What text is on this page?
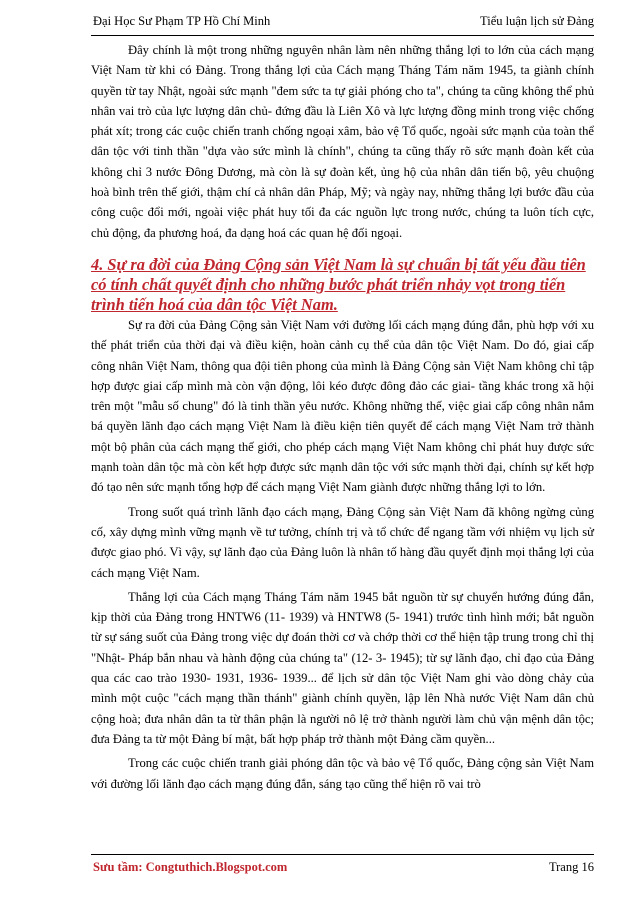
Đại Học Sư Phạm TP Hồ Chí Minh	Tiểu luận lịch sử Đảng

Đây chính là một trong những nguyên nhân làm nên những thắng lợi to lớn của cách mạng Việt Nam từ khi có Đảng. Trong thắng lợi của Cách mạng Tháng Tám năm 1945, ta giành chính quyền từ tay Nhật, ngoài sức mạnh "đem sức ta tự giải phóng cho ta", chúng ta cũng không thể phủ nhân vai trò của lực lượng dân chủ- đứng đầu là Liên Xô và lực lượng đồng minh trong việc chống phát xít; trong các cuộc chiến tranh chống ngoại xâm, bảo vệ Tổ quốc, ngoài sức mạnh của toàn thể dân tộc với tinh thần "dựa vào sức mình là chính", chúng ta cũng thấy rõ sức mạnh đoàn kết của không chỉ 3 nước Đông Dương, mà còn là sự đoàn kết, ủng hộ của nhân dân tiến bộ, yêu chuộng hoà bình trên thế giới, thậm chí cả nhân dân Pháp, Mỹ; và ngày nay, những thắng lợi bước đầu của công cuộc đổi mới, ngoài việc phát huy tối đa các nguồn lực trong nước, chúng ta luôn tích cực, chủ động, đa phương hoá, đa dạng hoá các quan hệ đối ngoại.

4. Sự ra đời của Đảng Cộng sản Việt Nam là sự chuẩn bị tất yếu đầu tiên có tính chất quyết định cho những bước phát triển nhảy vọt trong tiến trình tiến hoá của dân tộc Việt Nam.

Sự ra đời của Đảng Cộng sản Việt Nam với đường lối cách mạng đúng đắn, phù hợp với xu thế phát triển của thời đại và điều kiện, hoàn cảnh cụ thể của dân tộc Việt Nam. Do đó, giai cấp công nhân Việt Nam, thông qua đội tiên phong của mình là Đảng Cộng sản Việt Nam không chỉ tập hợp được giai cấp mình mà còn vận động, lôi kéo được đông đảo các giai- tầng khác trong xã hội trên một "mẫu số chung" đó là tinh thần yêu nước. Không những thế, việc giai cấp công nhân nắm bá quyền lãnh đạo cách mạng Việt Nam là điều kiện tiên quyết để cách mạng Việt Nam trở thành một bộ phân của cách mạng thế giới, cho phép cách mạng Việt Nam không chỉ phát huy được sức mạnh toàn dân tộc mà còn kết hợp được sức mạnh dân tộc với sức mạnh thời đại, chính sự kết hợp đó tạo nên sức mạnh tổng hợp để cách mạng Việt Nam giành được những thắng lợi to lớn.

Trong suốt quá trình lãnh đạo cách mạng, Đảng Cộng sản Việt Nam đã không ngừng củng cố, xây dựng mình vững mạnh về tư tưởng, chính trị và tổ chức để ngang tầm với nhiệm vụ lịch sử được giao phó. Vì vậy, sự lãnh đạo của Đảng luôn là nhân tố hàng đầu quyết định mọi thắng lợi của cách mạng Việt Nam.

Thắng lợi của Cách mạng Tháng Tám năm 1945 bắt nguồn từ sự chuyển hướng đúng đắn, kịp thời của Đảng trong HNTW6 (11- 1939) và HNTW8 (5- 1941) trước tình hình mới; bắt nguồn từ sự sáng suốt của Đảng trong việc dự đoán thời cơ và chớp thời cơ thể hiện tập trung trong chỉ thị "Nhật- Pháp bắn nhau và hành động của chúng ta" (12- 3- 1945); từ sự lãnh đạo, chỉ đạo của Đảng qua các cao trào 1930- 1931, 1936- 1939... để lịch sử dân tộc Việt Nam ghi vào dòng chảy của mình một cuộc "cách mạng thần thánh" giành chính quyền, lập lên Nhà nước Việt Nam dân chủ cộng hoà; đưa nhân dân ta từ thân phận là người nô lệ trở thành người làm chủ vận mệnh dân tộc; đưa Đảng ta từ một Đảng bí mật, bất hợp pháp trở thành một Đảng cầm quyền...

Trong các cuộc chiến tranh giải phóng dân tộc và bảo vệ Tổ quốc, Đảng cộng sản Việt Nam với đường lối lãnh đạo cách mạng đúng đắn, sáng tạo cũng thể hiện rõ vai trò

Sưu tầm: Congtuthich.Blogspot.com	Trang 16
